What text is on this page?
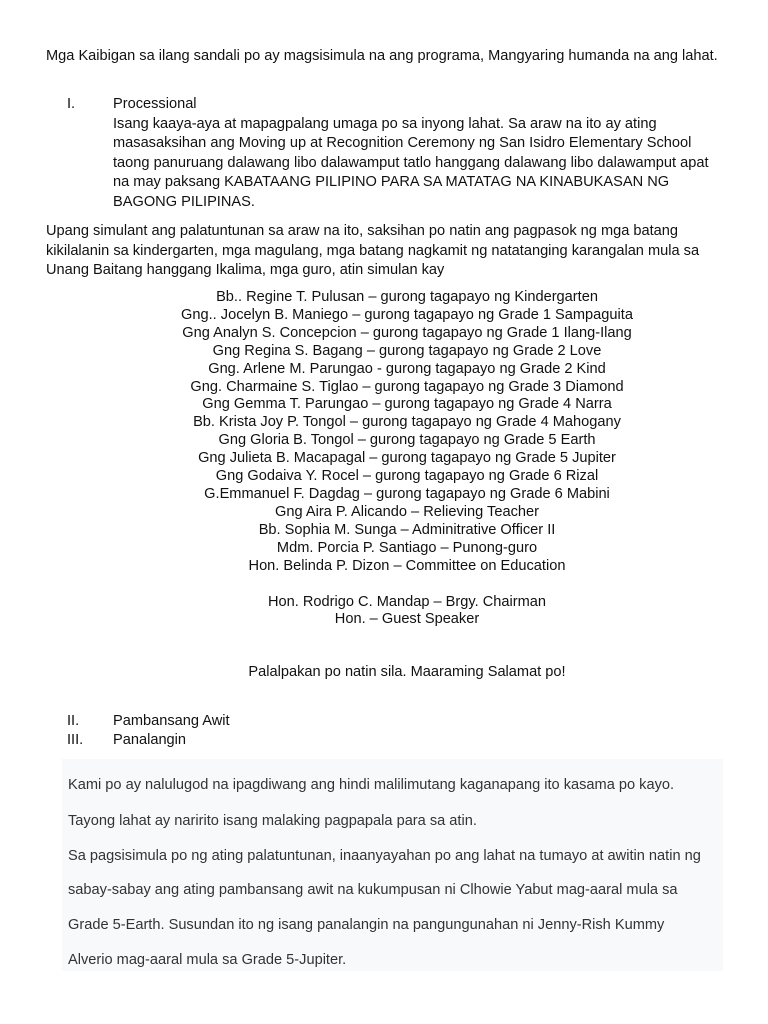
Mga Kaibigan sa ilang sandali po ay magsisimula na ang programa, Mangyaring humanda na ang lahat.

I.	Processional

Isang kaaya-aya at mapagpalang umaga po sa inyong lahat. Sa araw na ito ay ating masasaksihan ang Moving up at Recognition Ceremony ng San Isidro Elementary School taong panuruang dalawang libo dalawamput tatlo hanggang dalawang libo dalawamput apat na may paksang KABATAANG PILIPINO PARA SA MATATAG NA KINABUKASAN NG BAGONG PILIPINAS.

Upang simulant ang palatuntunan sa araw na ito, saksihan po natin ang pagpasok ng mga batang kikilalanin sa kindergarten, mga magulang, mga batang nagkamit ng natatanging karangalan mula sa Unang Baitang hanggang Ikalima, mga guro, atin simulan kay

Bb.. Regine T. Pulusan – gurong tagapayo ng Kindergarten
Gng.. Jocelyn B. Maniego – gurong tagapayo ng Grade 1 Sampaguita
Gng Analyn S. Concepcion – gurong tagapayo ng Grade 1 Ilang-Ilang
Gng Regina S. Bagang – gurong tagapayo ng Grade 2 Love
Gng. Arlene M. Parungao - gurong tagapayo ng Grade 2 Kind
Gng. Charmaine S. Tiglao – gurong tagapayo ng Grade 3 Diamond
Gng Gemma T. Parungao – gurong tagapayo ng Grade 4 Narra
Bb. Krista Joy P. Tongol – gurong tagapayo ng Grade 4 Mahogany
Gng Gloria B. Tongol – gurong tagapayo ng Grade 5 Earth
Gng Julieta B. Macapagal – gurong tagapayo ng Grade 5 Jupiter
Gng Godaiva Y. Rocel – gurong tagapayo ng Grade 6 Rizal
G.Emmanuel F. Dagdag – gurong tagapayo ng Grade 6 Mabini
Gng Aira P. Alicando – Relieving Teacher
Bb. Sophia M. Sunga – Adminitrative Officer II
Mdm. Porcia P. Santiago – Punong-guro
Hon. Belinda P. Dizon – Committee on Education
Hon. Rodrigo C. Mandap – Brgy. Chairman
Hon. – Guest Speaker

Palalpakan po natin sila. Maaraming Salamat po!

II.	Pambansang Awit

III.	Panalangin

Kami po ay nalulugod na ipagdiwang ang hindi malilimutang kaganapang ito kasama po kayo.

Tayong lahat ay naririto isang malaking pagpapala para sa atin.

Sa pagsisimula po ng ating palatuntunan, inaanyayahan po ang lahat na tumayo at awitin natin ng

sabay-sabay ang ating pambansang awit na kukumpusan ni Clhowie Yabut mag-aaral mula sa

Grade 5-Earth. Susundan ito ng isang panalangin na pangungunahan ni Jenny-Rish Kummy

Alverio mag-aaral mula sa Grade 5-Jupiter.
